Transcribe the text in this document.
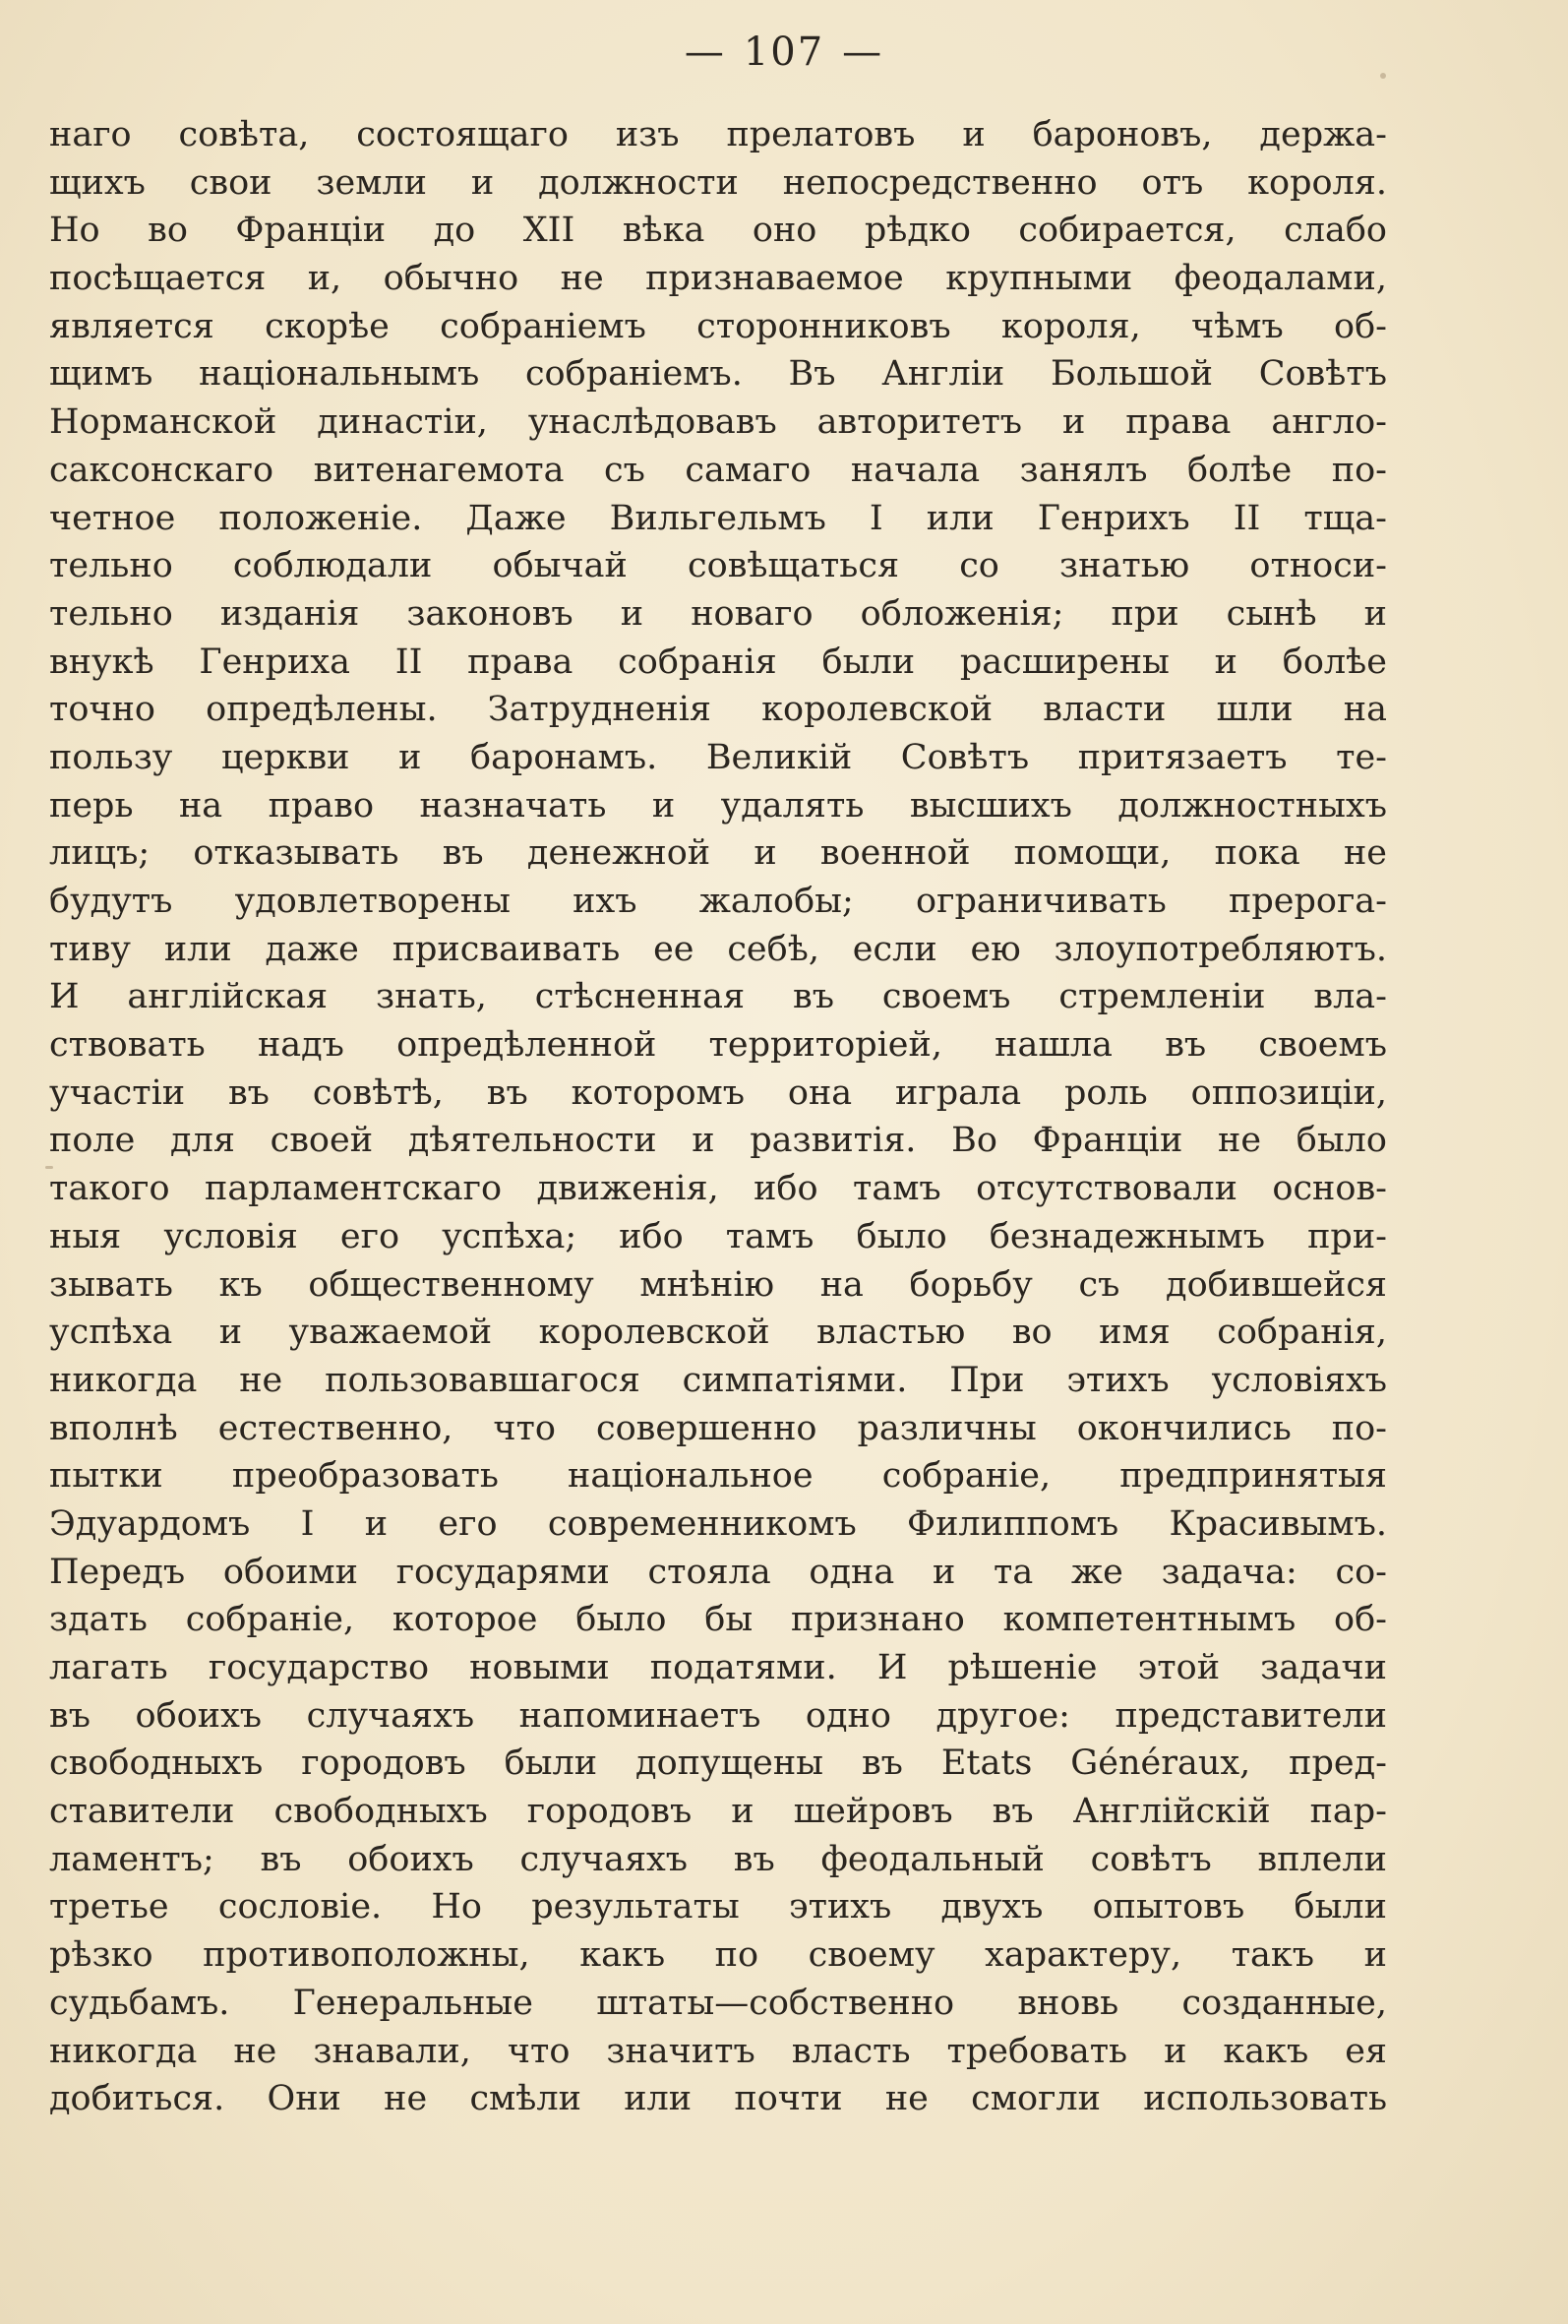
— 107 —
наго совѣта, состоящаго изъ прелатовъ и бароновъ, держа-
щихъ свои земли и должности непосредственно отъ короля.
Но во Франціи до XII вѣка оно рѣдко собирается, слабо
посѣщается и, обычно не признаваемое крупными феодалами,
является скорѣе собраніемъ сторонниковъ короля, чѣмъ об-
щимъ національнымъ собраніемъ. Въ Англіи Большой Совѣтъ
Норманской династіи, унаслѣдовавъ авторитетъ и права англо-
саксонскаго витенагемота съ самаго начала занялъ болѣе по-
четное положеніе. Даже Вильгельмъ I или Генрихъ II тща-
тельно соблюдали обычай совѣщаться со знатью относи-
тельно изданія законовъ и новаго обложенія; при сынѣ и
внукѣ Генриха II права собранія были расширены и болѣе
точно опредѣлены. Затрудненія королевской власти шли на
пользу церкви и баронамъ. Великій Совѣтъ притязаетъ те-
перь на право назначать и удалять высшихъ должностныхъ
лицъ; отказывать въ денежной и военной помощи, пока не
будутъ удовлетворены ихъ жалобы; ограничивать прерога-
тиву или даже присваивать ее себѣ, если ею злоупотребляютъ.
И англійская знать, стѣсненная въ своемъ стремленіи вла-
ствовать надъ опредѣленной территоріей, нашла въ своемъ
участіи въ совѣтѣ, въ которомъ она играла роль оппозиціи,
поле для своей дѣятельности и развитія. Во Франціи не было
такого парламентскаго движенія, ибо тамъ отсутствовали основ-
ныя условія его успѣха; ибо тамъ было безнадежнымъ при-
зывать къ общественному мнѣнію на борьбу съ добившейся
успѣха и уважаемой королевской властью во имя собранія,
никогда не пользовавшагося симпатіями. При этихъ условіяхъ
вполнѣ естественно, что совершенно различны окончились по-
пытки преобразовать національное собраніе, предпринятыя
Эдуардомъ I и его современникомъ Филиппомъ Красивымъ.
Передъ обоими государями стояла одна и та же задача: со-
здать собраніе, которое было бы признано компетентнымъ об-
лагать государство новыми податями. И рѣшеніе этой задачи
въ обоихъ случаяхъ напоминаетъ одно другое: представители
свободныхъ городовъ были допущены въ Etats Généraux, пред-
ставители свободныхъ городовъ и шейровъ въ Англійскій пар-
ламентъ; въ обоихъ случаяхъ въ феодальный совѣтъ вплели
третье сословіе. Но результаты этихъ двухъ опытовъ были
рѣзко противоположны, какъ по своему характеру, такъ и
судьбамъ. Генеральные штаты—собственно вновь созданные,
никогда не знавали, что значитъ власть требовать и какъ ея
добиться. Они не смѣли или почти не смогли использовать
